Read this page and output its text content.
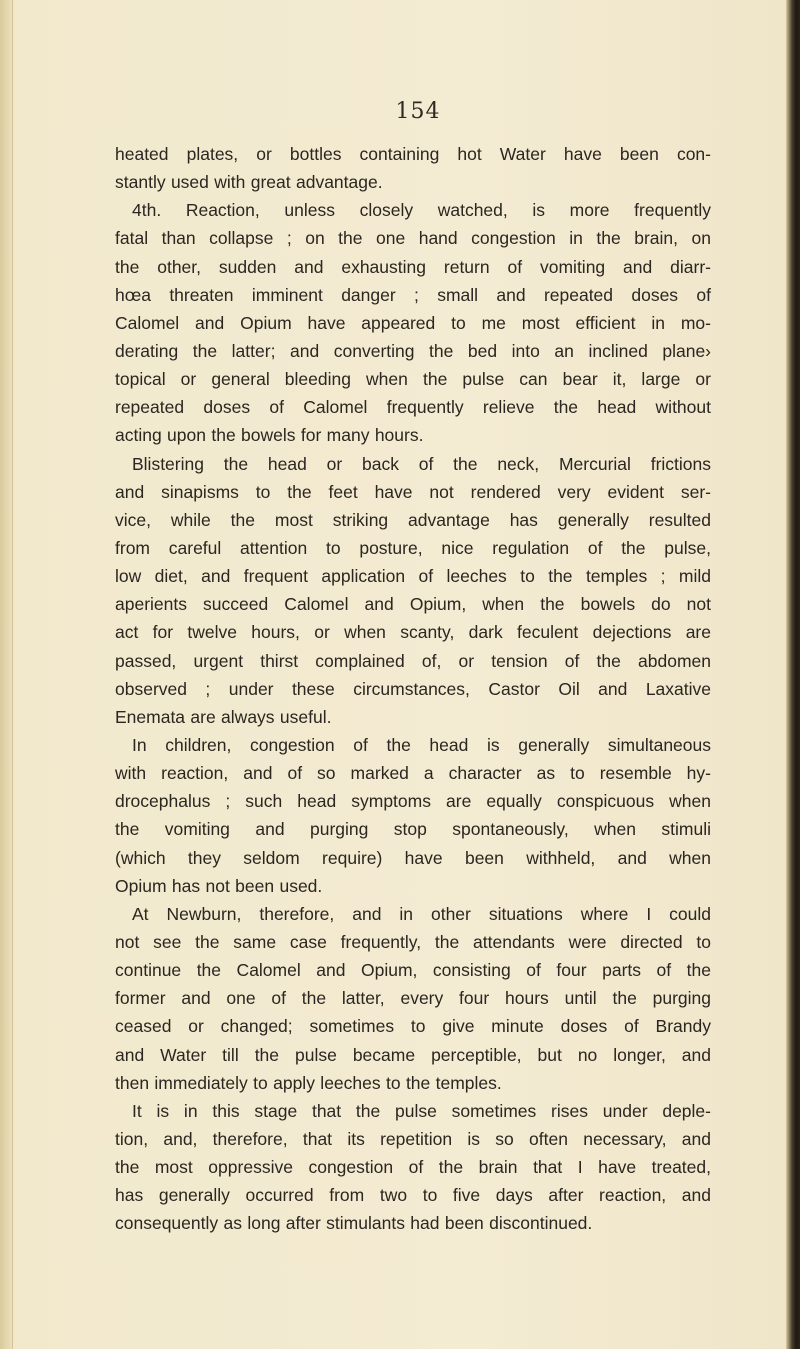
154
heated plates, or bottles containing hot Water have been con-
stantly used with great advantage.
4th. Reaction, unless closely watched, is more frequently
fatal than collapse ; on the one hand congestion in the brain, on
the other, sudden and exhausting return of vomiting and diarr-
hœa threaten imminent danger ; small and repeated doses of
Calomel and Opium have appeared to me most efficient in mo-
derating the latter; and converting the bed into an inclined plane›
topical or general bleeding when the pulse can bear it, large or
repeated doses of Calomel frequently relieve the head without
acting upon the bowels for many hours.
Blistering the head or back of the neck, Mercurial frictions
and sinapisms to the feet have not rendered very evident ser-
vice, while the most striking advantage has generally resulted
from careful attention to posture, nice regulation of the pulse,
low diet, and frequent application of leeches to the temples ; mild
aperients succeed Calomel and Opium, when the bowels do not
act for twelve hours, or when scanty, dark feculent dejections are
passed, urgent thirst complained of, or tension of the abdomen
observed ; under these circumstances, Castor Oil and Laxative
Enemata are always useful.
In children, congestion of the head is generally simultaneous
with reaction, and of so marked a character as to resemble hy-
drocephalus ; such head symptoms are equally conspicuous when
the vomiting and purging stop spontaneously, when stimuli
(which they seldom require) have been withheld, and when
Opium has not been used.
At Newburn, therefore, and in other situations where I could
not see the same case frequently, the attendants were directed to
continue the Calomel and Opium, consisting of four parts of the
former and one of the latter, every four hours until the purging
ceased or changed; sometimes to give minute doses of Brandy
and Water till the pulse became perceptible, but no longer, and
then immediately to apply leeches to the temples.
It is in this stage that the pulse sometimes rises under deple-
tion, and, therefore, that its repetition is so often necessary, and
the most oppressive congestion of the brain that I have treated,
has generally occurred from two to five days after reaction, and
consequently as long after stimulants had been discontinued.
